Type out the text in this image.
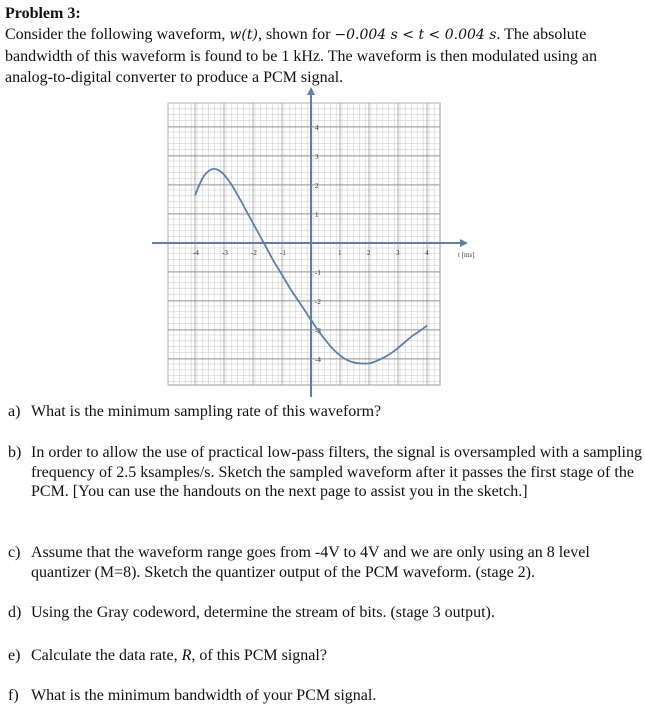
Problem 3:
Consider the following waveform, w(t), shown for −0.004 s < t < 0.004 s. The absolute bandwidth of this waveform is found to be 1 kHz. The waveform is then modulated using an analog-to-digital converter to produce a PCM signal.
-4	-3	-2	-1	1	2	3	4
4
3
2
1
-1
-2
-3
-4
t [ms]
a) What is the minimum sampling rate of this waveform?
b) In order to allow the use of practical low-pass filters, the signal is oversampled with a sampling frequency of 2.5 ksamples/s. Sketch the sampled waveform after it passes the first stage of the PCM. [You can use the handouts on the next page to assist you in the sketch.]
c) Assume that the waveform range goes from -4V to 4V and we are only using an 8 level quantizer (M=8). Sketch the quantizer output of the PCM waveform. (stage 2).
d) Using the Gray codeword, determine the stream of bits. (stage 3 output).
e) Calculate the data rate, R, of this PCM signal?
f) What is the minimum bandwidth of your PCM signal.
